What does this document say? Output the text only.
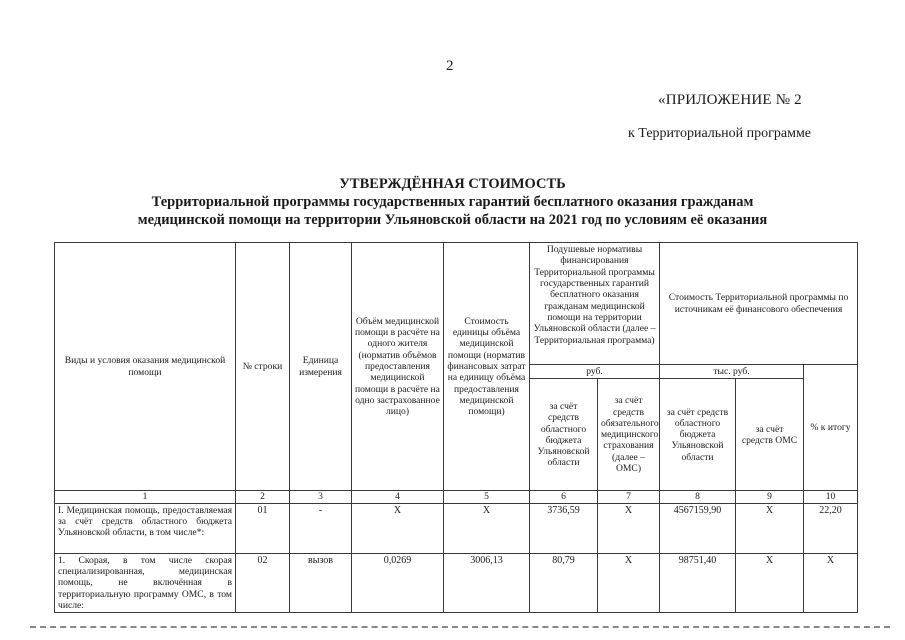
2
«ПРИЛОЖЕНИЕ № 2
к Территориальной программе
УТВЕРЖДЁННАЯ СТОИМОСТЬ
Территориальной программы государственных гарантий бесплатного оказания гражданам
медицинской помощи на территории Ульяновской области на 2021 год по условиям её оказания
Виды и условия оказания медицинской помощи	№ строки	Единица измерения	Объём медицинской помощи в расчёте на одного жителя (норматив объёмов предоставления медицинской помощи в расчёте на одно застрахованное лицо)	Стоимость единицы объёма медицинской помощи (норматив финансовых затрат на единицу объёма предоставления медицинской помощи)	Подушевые нормативы финансирования Территориальной программы государственных гарантий бесплатного оказания гражданам медицинской помощи на территории Ульяновской области (далее – Территориальная программа)		Стоимость Территориальной программы по источникам её финансового обеспечения		
					руб.		тыс. руб.		% к итогу
					за счёт средств областного бюджета Ульяновской области	за счёт средств обязательного медицинского страхования (далее – ОМС)	за счёт средств областного бюджета Ульяновской области	за счёт средств ОМС	
1	2	3	4	5	6	7	8	9	10
I. Медицинская помощь, предоставляемая за счёт средств областного бюджета Ульяновской области, в том числе*:	01	-	Х	Х	3736,59	Х	4567159,90	Х	22,20
1. Скорая, в том числе скорая специализированная, медицинская помощь, не включённая в территориальную программу ОМС, в том числе:	02	вызов	0,0269	3006,13	80,79	Х	98751,40	Х	Х
